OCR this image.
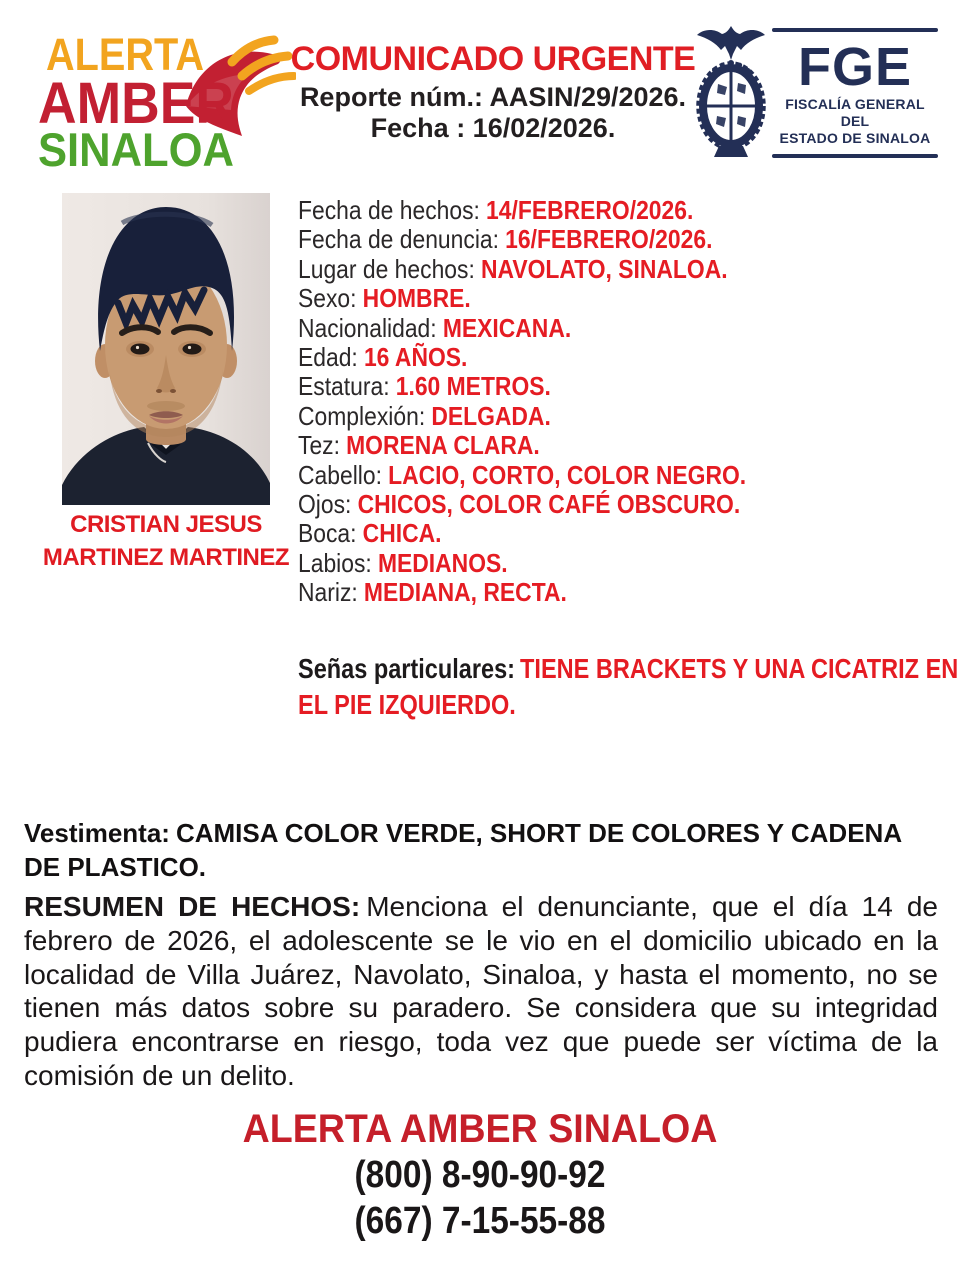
ALERTA
AMBER
SINALOA
COMUNICADO URGENTE
Reporte núm.: AASIN/29/2026.
Fecha : 16/02/2026.
FGE
FISCALÍA GENERAL DEL
ESTADO DE SINALOA
CRISTIAN JESUS
MARTINEZ MARTINEZ
Fecha de hechos: 14/FEBRERO/2026.
Fecha de denuncia: 16/FEBRERO/2026.
Lugar de hechos: NAVOLATO, SINALOA.
Sexo: HOMBRE.
Nacionalidad: MEXICANA.
Edad: 16 AÑOS.
Estatura: 1.60 METROS.
Complexión: DELGADA.
Tez: MORENA CLARA.
Cabello: LACIO, CORTO, COLOR NEGRO.
Ojos: CHICOS, COLOR CAFÉ OBSCURO.
Boca: CHICA.
Labios: MEDIANOS.
Nariz: MEDIANA, RECTA.
Señas particulares: TIENE BRACKETS Y UNA CICATRIZ EN EL PIE IZQUIERDO.
Vestimenta: CAMISA COLOR VERDE, SHORT DE COLORES Y CADENA DE PLASTICO.
RESUMEN DE HECHOS: Menciona el denunciante, que el día 14 de febrero de 2026, el adolescente se le vio en el domicilio ubicado en la localidad de Villa Juárez, Navolato, Sinaloa, y hasta el momento, no se tienen más datos sobre su paradero. Se considera que su integridad pudiera encontrarse en riesgo, toda vez que puede ser víctima de la comisión de un delito.
ALERTA AMBER SINALOA
(800) 8-90-90-92
(667) 7-15-55-88
